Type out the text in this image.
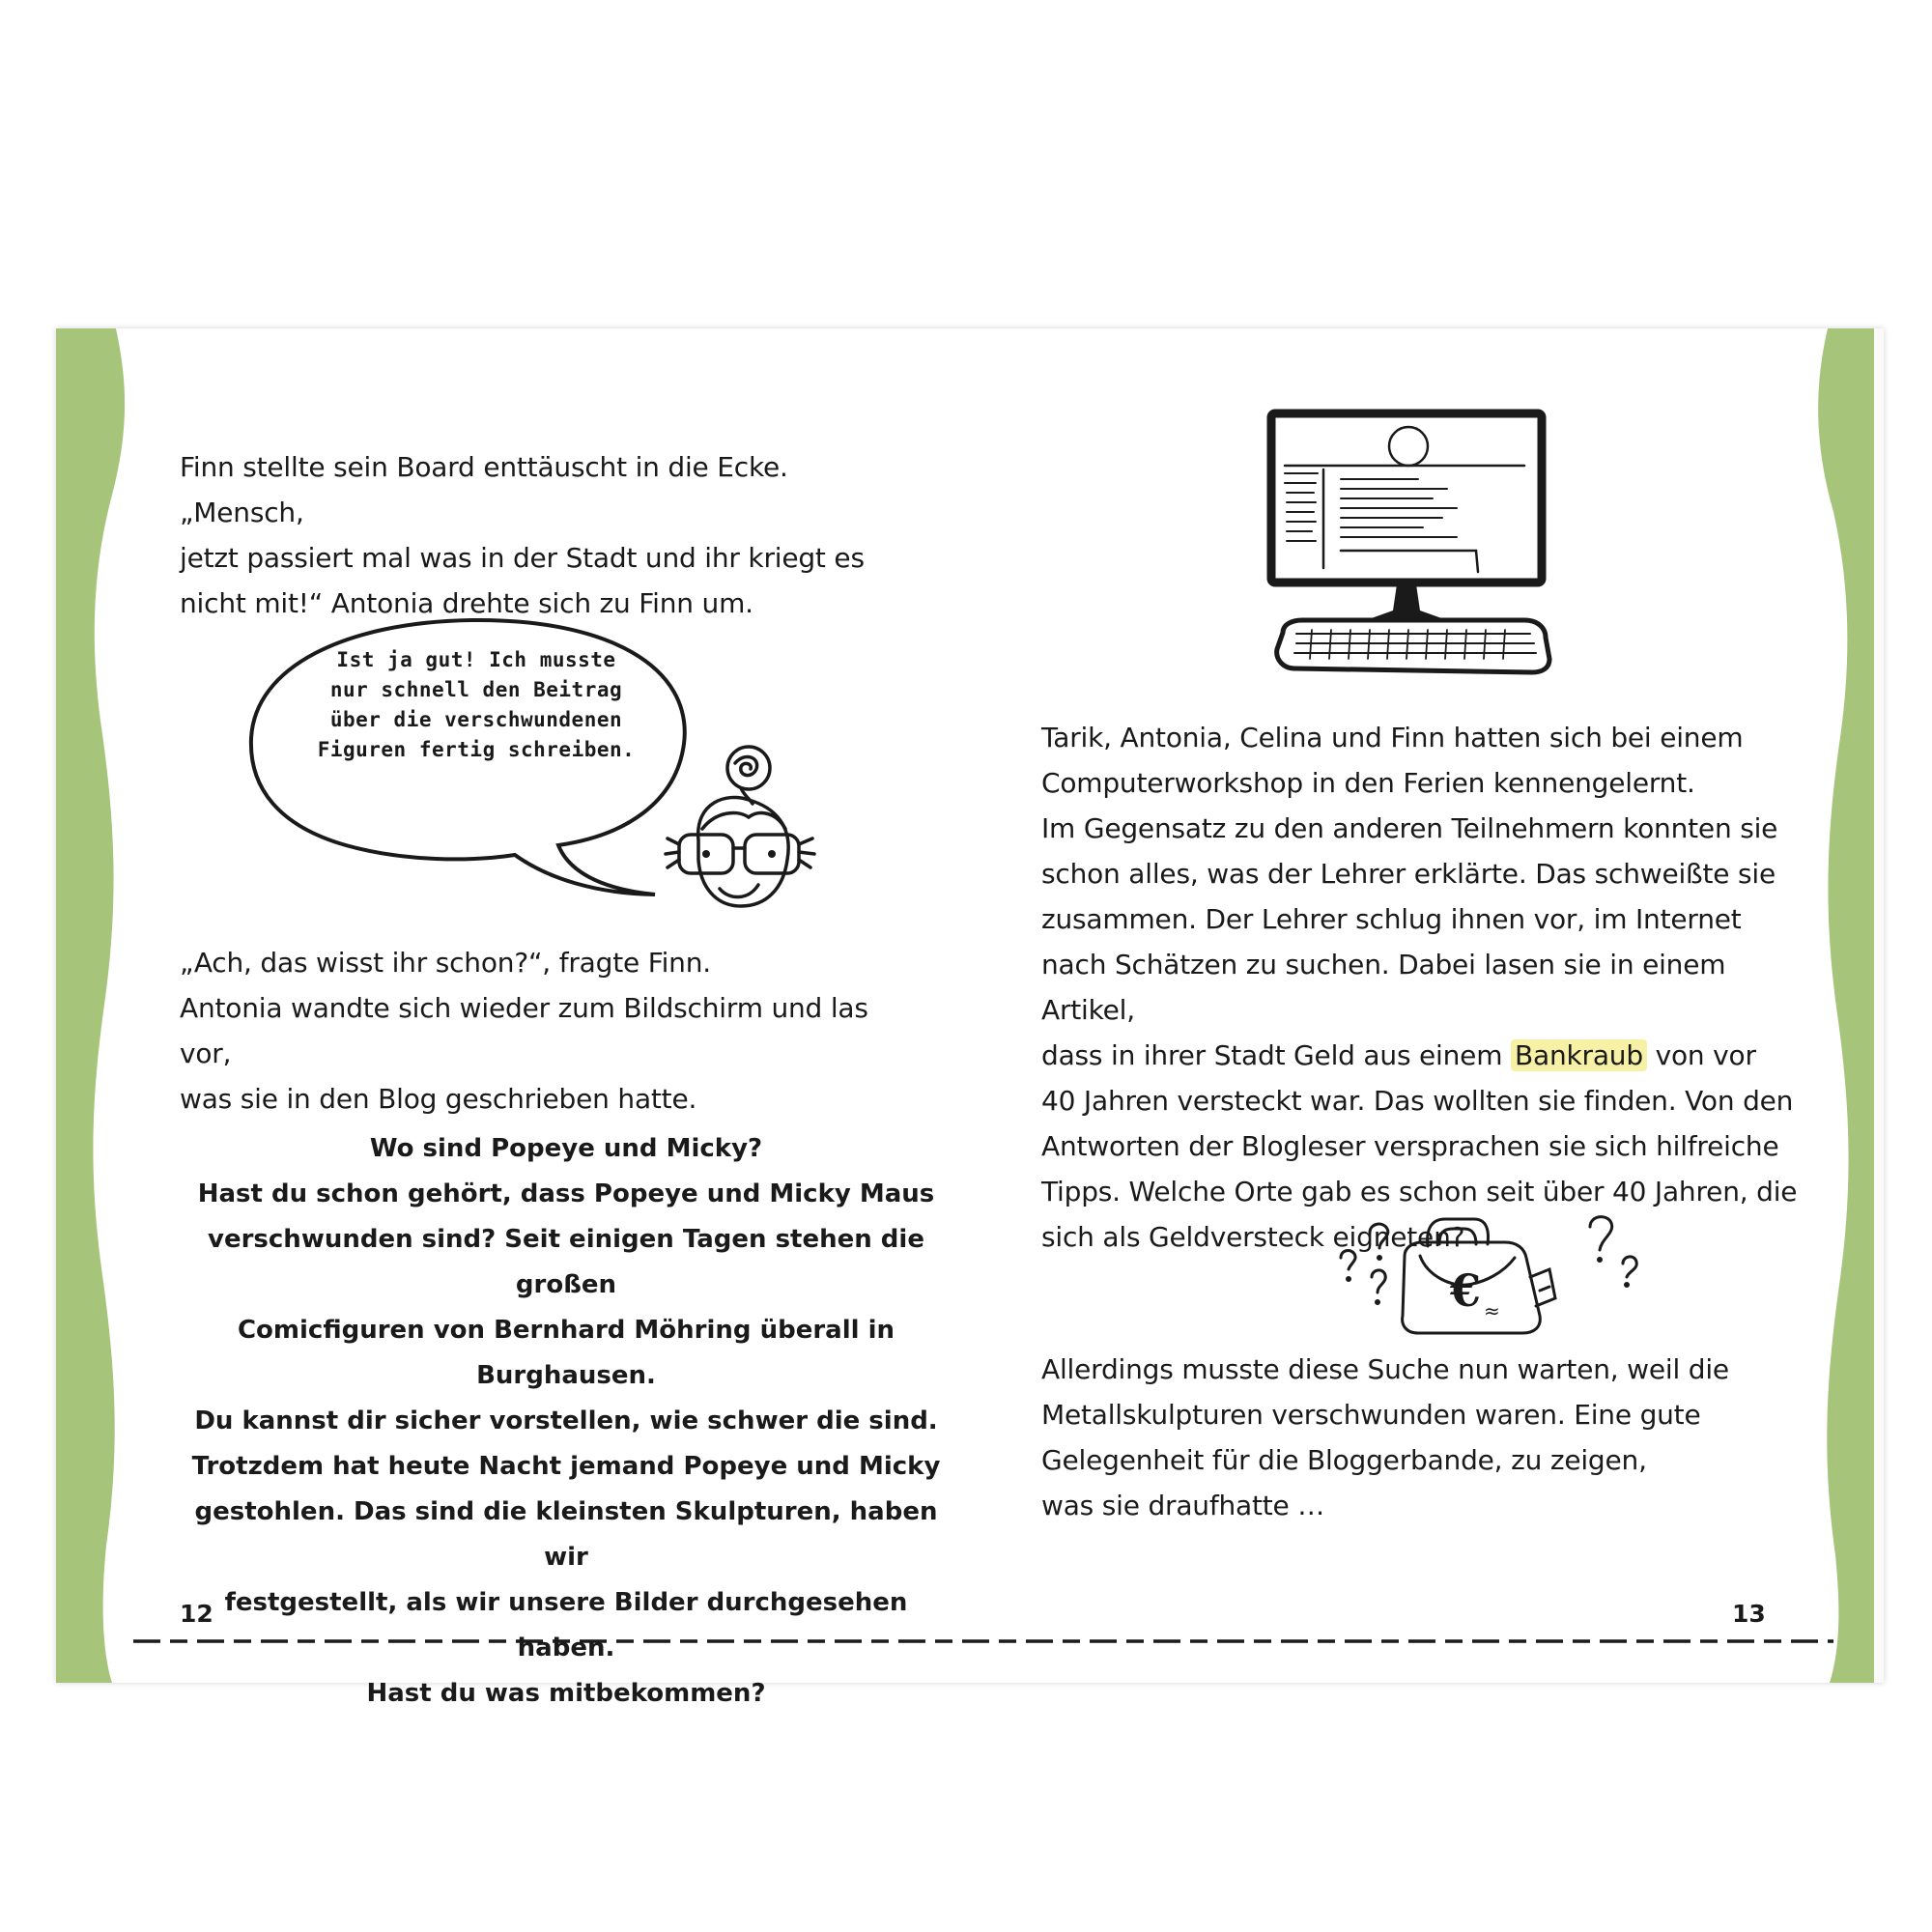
Finn stellte sein Board enttäuscht in die Ecke. „Mensch,

jetzt passiert mal was in der Stadt und ihr kriegt es

nicht mit!“ Antonia drehte sich zu Finn um.

Ist ja gut! Ich musste

nur schnell den Beitrag

über die verschwundenen

Figuren fertig schreiben.

„Ach, das wisst ihr schon?“, fragte Finn.

Antonia wandte sich wieder zum Bildschirm und las vor,

was sie in den Blog geschrieben hatte.

Wo sind Popeye und Micky?

Hast du schon gehört, dass Popeye und Micky Maus

verschwunden sind? Seit einigen Tagen stehen die großen

Comicfiguren von Bernhard Möhring überall in Burghausen.

Du kannst dir sicher vorstellen, wie schwer die sind.

Trotzdem hat heute Nacht jemand Popeye und Micky

gestohlen. Das sind die kleinsten Skulpturen, haben wir

festgestellt, als wir unsere Bilder durchgesehen haben.

Hast du was mitbekommen?

12

Tarik, Antonia, Celina und Finn hatten sich bei einem

Computerworkshop in den Ferien kennengelernt.

Im Gegensatz zu den anderen Teilnehmern konnten sie

schon alles, was der Lehrer erklärte. Das schweißte sie

zusammen. Der Lehrer schlug ihnen vor, im Internet

nach Schätzen zu suchen. Dabei lasen sie in einem Artikel,

dass in ihrer Stadt Geld aus einem Bankraub von vor

40 Jahren versteckt war. Das wollten sie finden. Von den

Antworten der Blogleser versprachen sie sich hilfreiche

Tipps. Welche Orte gab es schon seit über 40 Jahren, die

sich als Geldversteck eigneten?

≈
€

Allerdings musste diese Suche nun warten, weil die

Metallskulpturen verschwunden waren. Eine gute

Gelegenheit für die Bloggerbande, zu zeigen,

was sie draufhatte …

13
